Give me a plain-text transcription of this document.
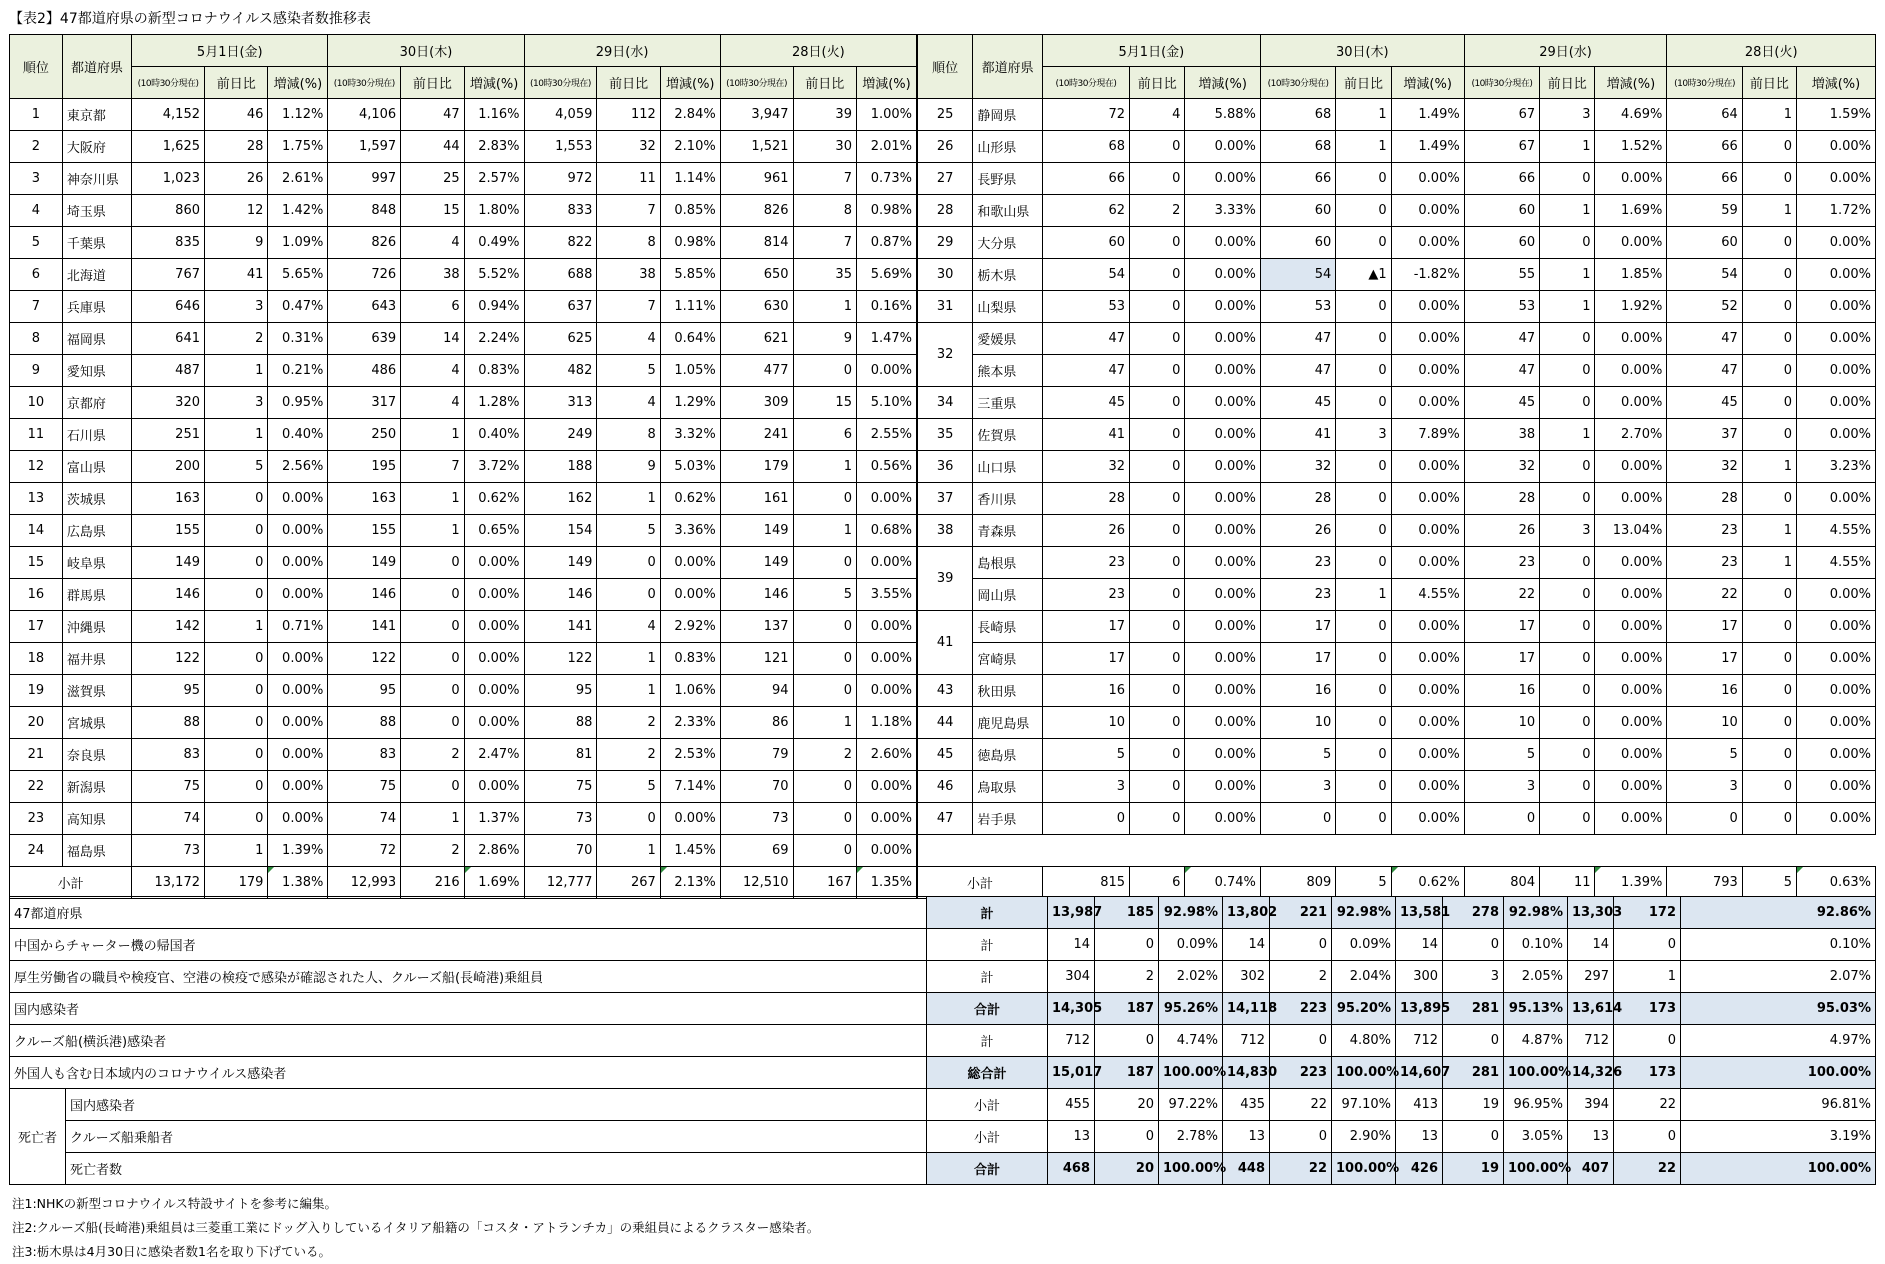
【表2】47都道府県の新型コロナウイルス感染者数推移表
順位	都道府県	5月1日(金)			30日(木)			29日(水)			28日(火)		
		(10時30分現在)	前日比	増減(%)	(10時30分現在)	前日比	増減(%)	(10時30分現在)	前日比	増減(%)	(10時30分現在)	前日比	増減(%)
1	東京都	4,152	46	1.12%	4,106	47	1.16%	4,059	112	2.84%	3,947	39	1.00%
2	大阪府	1,625	28	1.75%	1,597	44	2.83%	1,553	32	2.10%	1,521	30	2.01%
3	神奈川県	1,023	26	2.61%	997	25	2.57%	972	11	1.14%	961	7	0.73%
4	埼玉県	860	12	1.42%	848	15	1.80%	833	7	0.85%	826	8	0.98%
5	千葉県	835	9	1.09%	826	4	0.49%	822	8	0.98%	814	7	0.87%
6	北海道	767	41	5.65%	726	38	5.52%	688	38	5.85%	650	35	5.69%
7	兵庫県	646	3	0.47%	643	6	0.94%	637	7	1.11%	630	1	0.16%
8	福岡県	641	2	0.31%	639	14	2.24%	625	4	0.64%	621	9	1.47%
9	愛知県	487	1	0.21%	486	4	0.83%	482	5	1.05%	477	0	0.00%
10	京都府	320	3	0.95%	317	4	1.28%	313	4	1.29%	309	15	5.10%
11	石川県	251	1	0.40%	250	1	0.40%	249	8	3.32%	241	6	2.55%
12	富山県	200	5	2.56%	195	7	3.72%	188	9	5.03%	179	1	0.56%
13	茨城県	163	0	0.00%	163	1	0.62%	162	1	0.62%	161	0	0.00%
14	広島県	155	0	0.00%	155	1	0.65%	154	5	3.36%	149	1	0.68%
15	岐阜県	149	0	0.00%	149	0	0.00%	149	0	0.00%	149	0	0.00%
16	群馬県	146	0	0.00%	146	0	0.00%	146	0	0.00%	146	5	3.55%
17	沖縄県	142	1	0.71%	141	0	0.00%	141	4	2.92%	137	0	0.00%
18	福井県	122	0	0.00%	122	0	0.00%	122	1	0.83%	121	0	0.00%
19	滋賀県	95	0	0.00%	95	0	0.00%	95	1	1.06%	94	0	0.00%
20	宮城県	88	0	0.00%	88	0	0.00%	88	2	2.33%	86	1	1.18%
21	奈良県	83	0	0.00%	83	2	2.47%	81	2	2.53%	79	2	2.60%
22	新潟県	75	0	0.00%	75	0	0.00%	75	5	7.14%	70	0	0.00%
23	高知県	74	0	0.00%	74	1	1.37%	73	0	0.00%	73	0	0.00%
24	福島県	73	1	1.39%	72	2	2.86%	70	1	1.45%	69	0	0.00%
小計		13,172	179	1.38%	12,993	216	1.69%	12,777	267	2.13%	12,510	167	1.35%
順位	都道府県	5月1日(金)			30日(木)			29日(水)			28日(火)		
		(10時30分現在)	前日比	増減(%)	(10時30分現在)	前日比	増減(%)	(10時30分現在)	前日比	増減(%)	(10時30分現在)	前日比	増減(%)
25	静岡県	72	4	5.88%	68	1	1.49%	67	3	4.69%	64	1	1.59%
26	山形県	68	0	0.00%	68	1	1.49%	67	1	1.52%	66	0	0.00%
27	長野県	66	0	0.00%	66	0	0.00%	66	0	0.00%	66	0	0.00%
28	和歌山県	62	2	3.33%	60	0	0.00%	60	1	1.69%	59	1	1.72%
29	大分県	60	0	0.00%	60	0	0.00%	60	0	0.00%	60	0	0.00%
30	栃木県	54	0	0.00%	54	▲1	-1.82%	55	1	1.85%	54	0	0.00%
31	山梨県	53	0	0.00%	53	0	0.00%	53	1	1.92%	52	0	0.00%
32	愛媛県	47	0	0.00%	47	0	0.00%	47	0	0.00%	47	0	0.00%
	熊本県	47	0	0.00%	47	0	0.00%	47	0	0.00%	47	0	0.00%
34	三重県	45	0	0.00%	45	0	0.00%	45	0	0.00%	45	0	0.00%
35	佐賀県	41	0	0.00%	41	3	7.89%	38	1	2.70%	37	0	0.00%
36	山口県	32	0	0.00%	32	0	0.00%	32	0	0.00%	32	1	3.23%
37	香川県	28	0	0.00%	28	0	0.00%	28	0	0.00%	28	0	0.00%
38	青森県	26	0	0.00%	26	0	0.00%	26	3	13.04%	23	1	4.55%
39	島根県	23	0	0.00%	23	0	0.00%	23	0	0.00%	23	1	4.55%
	岡山県	23	0	0.00%	23	1	4.55%	22	0	0.00%	22	0	0.00%
41	長崎県	17	0	0.00%	17	0	0.00%	17	0	0.00%	17	0	0.00%
	宮崎県	17	0	0.00%	17	0	0.00%	17	0	0.00%	17	0	0.00%
43	秋田県	16	0	0.00%	16	0	0.00%	16	0	0.00%	16	0	0.00%
44	鹿児島県	10	0	0.00%	10	0	0.00%	10	0	0.00%	10	0	0.00%
45	徳島県	5	0	0.00%	5	0	0.00%	5	0	0.00%	5	0	0.00%
46	鳥取県	3	0	0.00%	3	0	0.00%	3	0	0.00%	3	0	0.00%
47	岩手県	0	0	0.00%	0	0	0.00%	0	0	0.00%	0	0	0.00%

小計		815	6	0.74%	809	5	0.62%	804	11	1.39%	793	5	0.63%
47都道府県		計	13,987	185	92.98%	13,802	221	92.98%	13,581	278	92.98%	13,303	172	92.86%
中国からチャーター機の帰国者		計	14	0	0.09%	14	0	0.09%	14	0	0.10%	14	0	0.10%
厚生労働省の職員や検疫官、空港の検疫で感染が確認された人、クルーズ船(長崎港)乗組員		計	304	2	2.02%	302	2	2.04%	300	3	2.05%	297	1	2.07%
国内感染者		合計	14,305	187	95.26%	14,118	223	95.20%	13,895	281	95.13%	13,614	173	95.03%
クルーズ船(横浜港)感染者		計	712	0	4.74%	712	0	4.80%	712	0	4.87%	712	0	4.97%
外国人も含む日本域内のコロナウイルス感染者		総合計	15,017	187	100.00%	14,830	223	100.00%	14,607	281	100.00%	14,326	173	100.00%
死亡者	国内感染者	小計	455	20	97.22%	435	22	97.10%	413	19	96.95%	394	22	96.81%
	クルーズ船乗船者	小計	13	0	2.78%	13	0	2.90%	13	0	3.05%	13	0	3.19%
	死亡者数	合計	468	20	100.00%	448	22	100.00%	426	19	100.00%	407	22	100.00%
注1:NHKの新型コロナウイルス特設サイトを参考に編集。
注2:クルーズ船(長崎港)乗組員は三菱重工業にドッグ入りしているイタリア船籍の「コスタ・アトランチカ」の乗組員によるクラスター感染者。
注3:栃木県は4月30日に感染者数1名を取り下げている。
